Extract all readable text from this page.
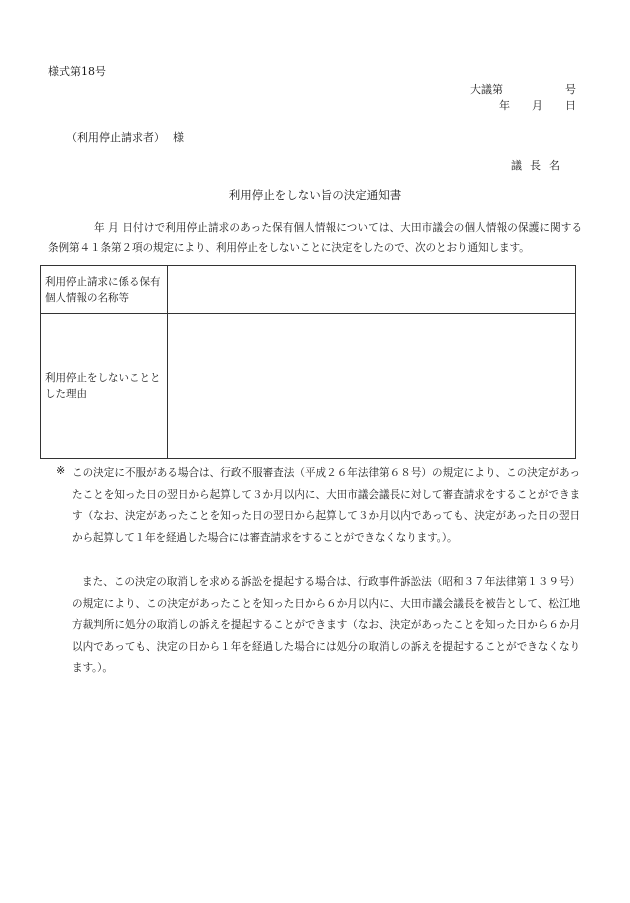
様式第18号
大議第	号
年 月 日
（利用停止請求者） 様
議長名
利用停止をしない旨の決定通知書

年 月 日付けで利用停止請求のあった保有個人情報については、大田市議会の個人情報の保護に関する条例第４１条第２項の規定により、利用停止をしないことに決定をしたので、次のとおり通知します。

利用停止請求に係る保有個人情報の名称等	
利用停止をしないこととした理由	
※ この決定に不服がある場合は、行政不服審査法（平成２６年法律第６８号）の規定により、この決定があったことを知った日の翌日から起算して３か月以内に、大田市議会議長に対して審査請求をすることができます（なお、決定があったことを知った日の翌日から起算して３か月以内であっても、決定があった日の翌日から起算して１年を経過した場合には審査請求をすることができなくなります。）。

また、この決定の取消しを求める訴訟を提起する場合は、行政事件訴訟法（昭和３７年法律第１３９号）の規定により、この決定があったことを知った日から６か月以内に、大田市議会議長を被告として、松江地方裁判所に処分の取消しの訴えを提起することができます（なお、決定があったことを知った日から６か月以内であっても、決定の日から１年を経過した場合には処分の取消しの訴えを提起することができなくなります。）。
